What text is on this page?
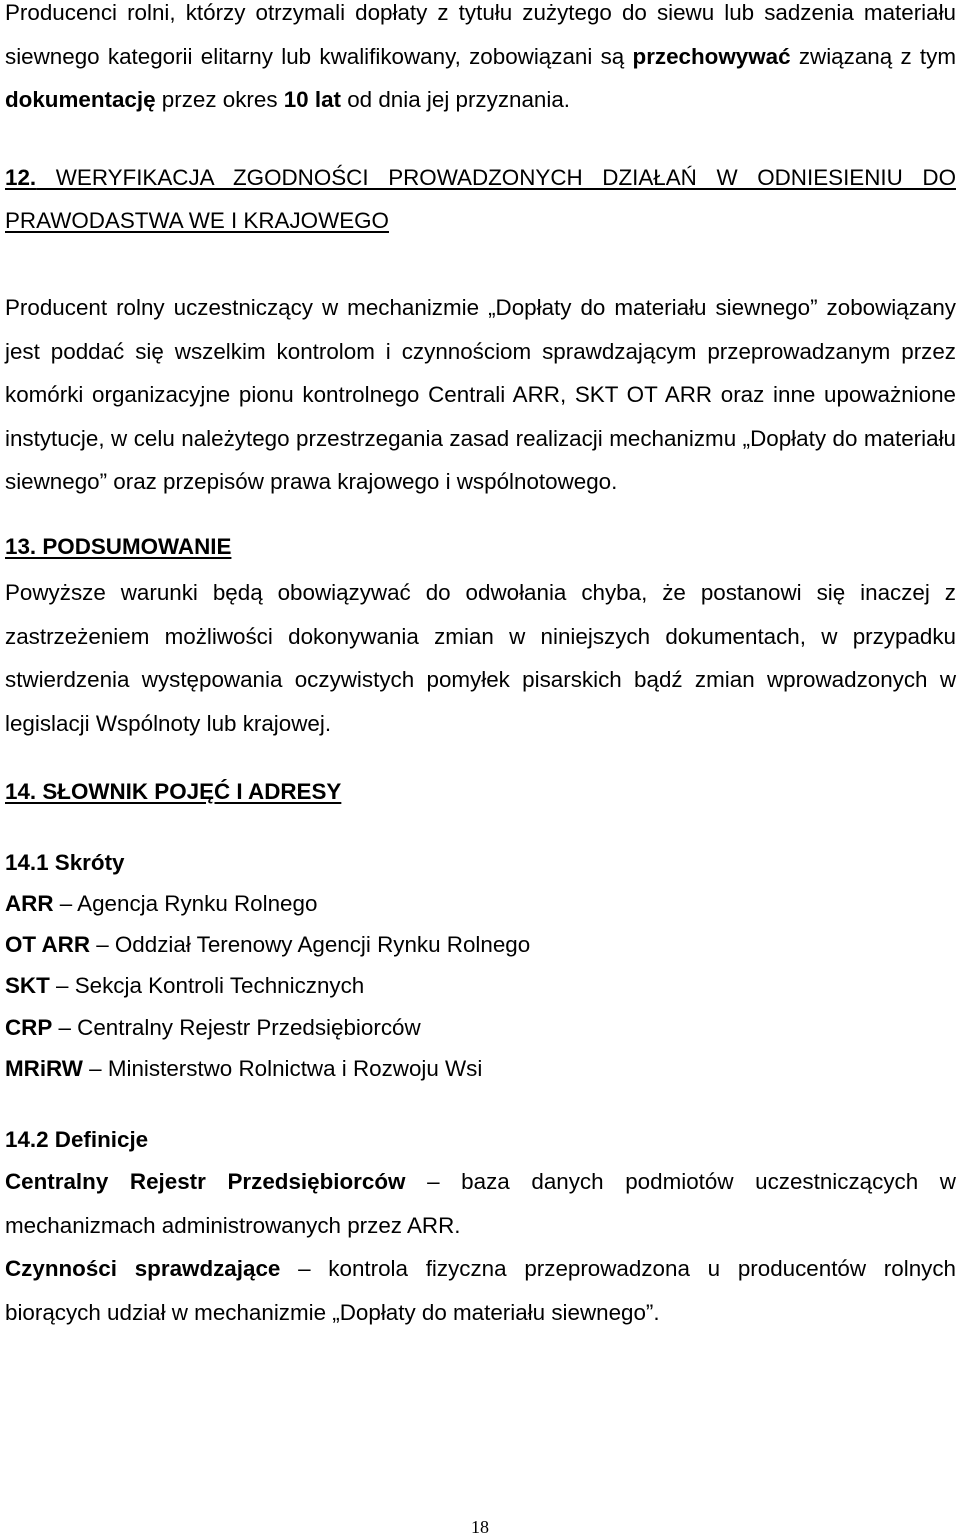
Producenci rolni, którzy otrzymali dopłaty z tytułu zużytego do siewu lub sadzenia materiału siewnego kategorii elitarny lub kwalifikowany, zobowiązani są przechowywać związaną z tym dokumentację przez okres 10 lat od dnia jej przyznania.

12. WERYFIKACJA ZGODNOŚCI PROWADZONYCH DZIAŁAŃ W ODNIESIENIU DO PRAWODASTWA WE I KRAJOWEGO

Producent rolny uczestniczący w mechanizmie „Dopłaty do materiału siewnego” zobowiązany jest poddać się wszelkim kontrolom i czynnościom sprawdzającym przeprowadzanym przez komórki organizacyjne pionu kontrolnego Centrali ARR, SKT OT ARR oraz inne upoważnione instytucje, w celu należytego przestrzegania zasad realizacji mechanizmu „Dopłaty do materiału siewnego” oraz przepisów prawa krajowego i wspólnotowego.

13. PODSUMOWANIE

Powyższe warunki będą obowiązywać do odwołania chyba, że postanowi się inaczej z zastrzeżeniem możliwości dokonywania zmian w niniejszych dokumentach, w przypadku stwierdzenia występowania oczywistych pomyłek pisarskich bądź zmian wprowadzonych w legislacji Wspólnoty lub krajowej.

14. SŁOWNIK POJĘĆ I ADRESY

14.1 Skróty

ARR – Agencja Rynku Rolnego

OT ARR – Oddział Terenowy Agencji Rynku Rolnego

SKT – Sekcja Kontroli Technicznych

CRP – Centralny Rejestr Przedsiębiorców

MRiRW – Ministerstwo Rolnictwa i Rozwoju Wsi

14.2 Definicje

Centralny Rejestr Przedsiębiorców – baza danych podmiotów uczestniczących w mechanizmach administrowanych przez ARR.

Czynności sprawdzające – kontrola fizyczna przeprowadzona u producentów rolnych biorących udział w mechanizmie „Dopłaty do materiału siewnego”.

18
